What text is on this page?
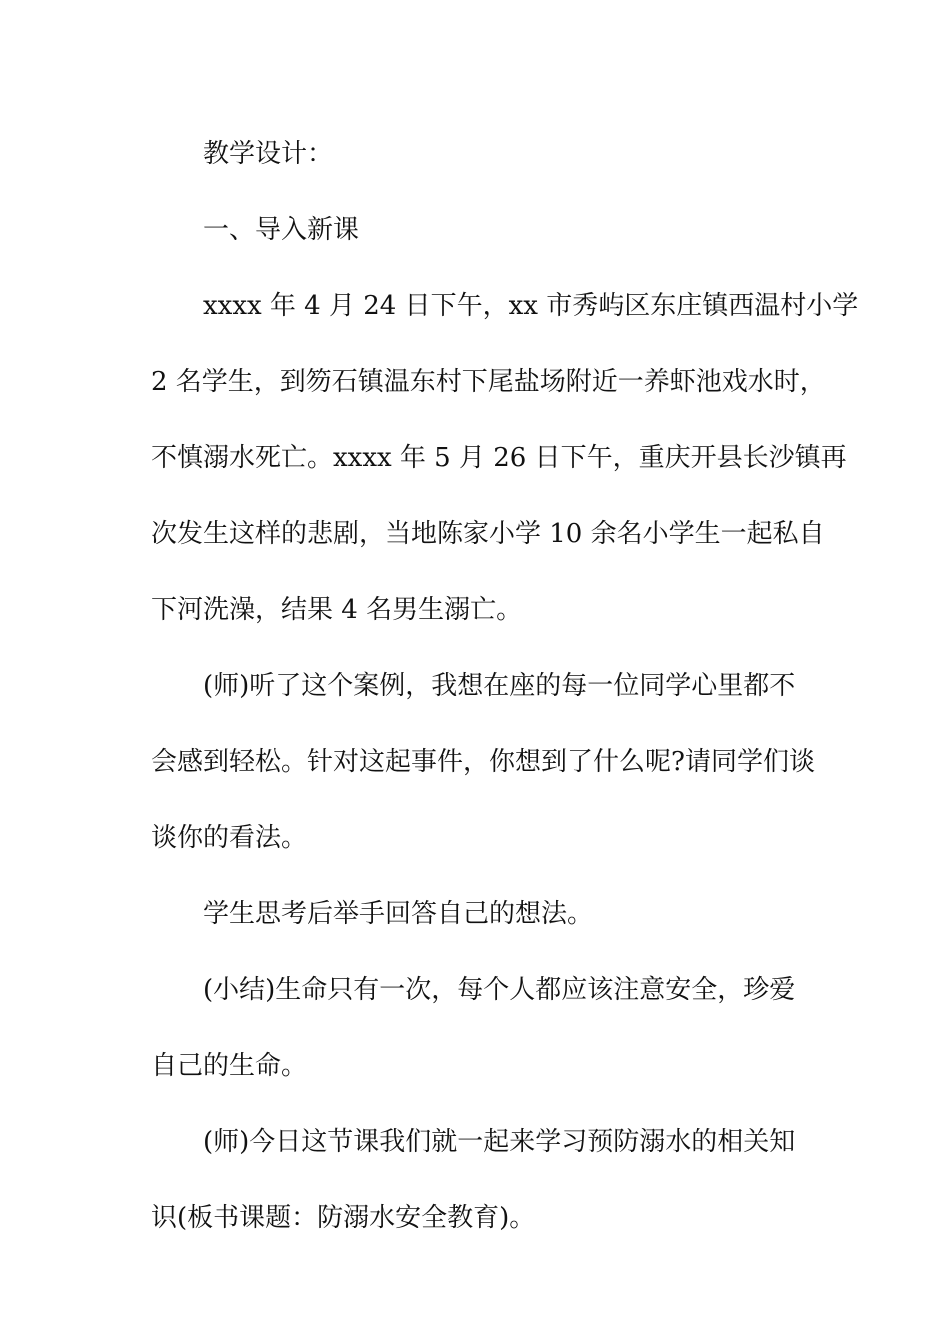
教学设计：
一、导入新课
xxxx 年 4 月 24 日下午，xx 市秀屿区东庄镇西温村小学
2 名学生，到笏石镇温东村下尾盐场附近一养虾池戏水时，
不慎溺水死亡。xxxx 年 5 月 26 日下午，重庆开县长沙镇再
次发生这样的悲剧，当地陈家小学 10 余名小学生一起私自
下河洗澡，结果 4 名男生溺亡。
(师)听了这个案例，我想在座的每一位同学心里都不
会感到轻松。针对这起事件，你想到了什么呢?请同学们谈
谈你的看法。
学生思考后举手回答自己的想法。
(小结)生命只有一次，每个人都应该注意安全，珍爱
自己的生命。
(师)今日这节课我们就一起来学习预防溺水的相关知
识(板书课题：防溺水安全教育)。
